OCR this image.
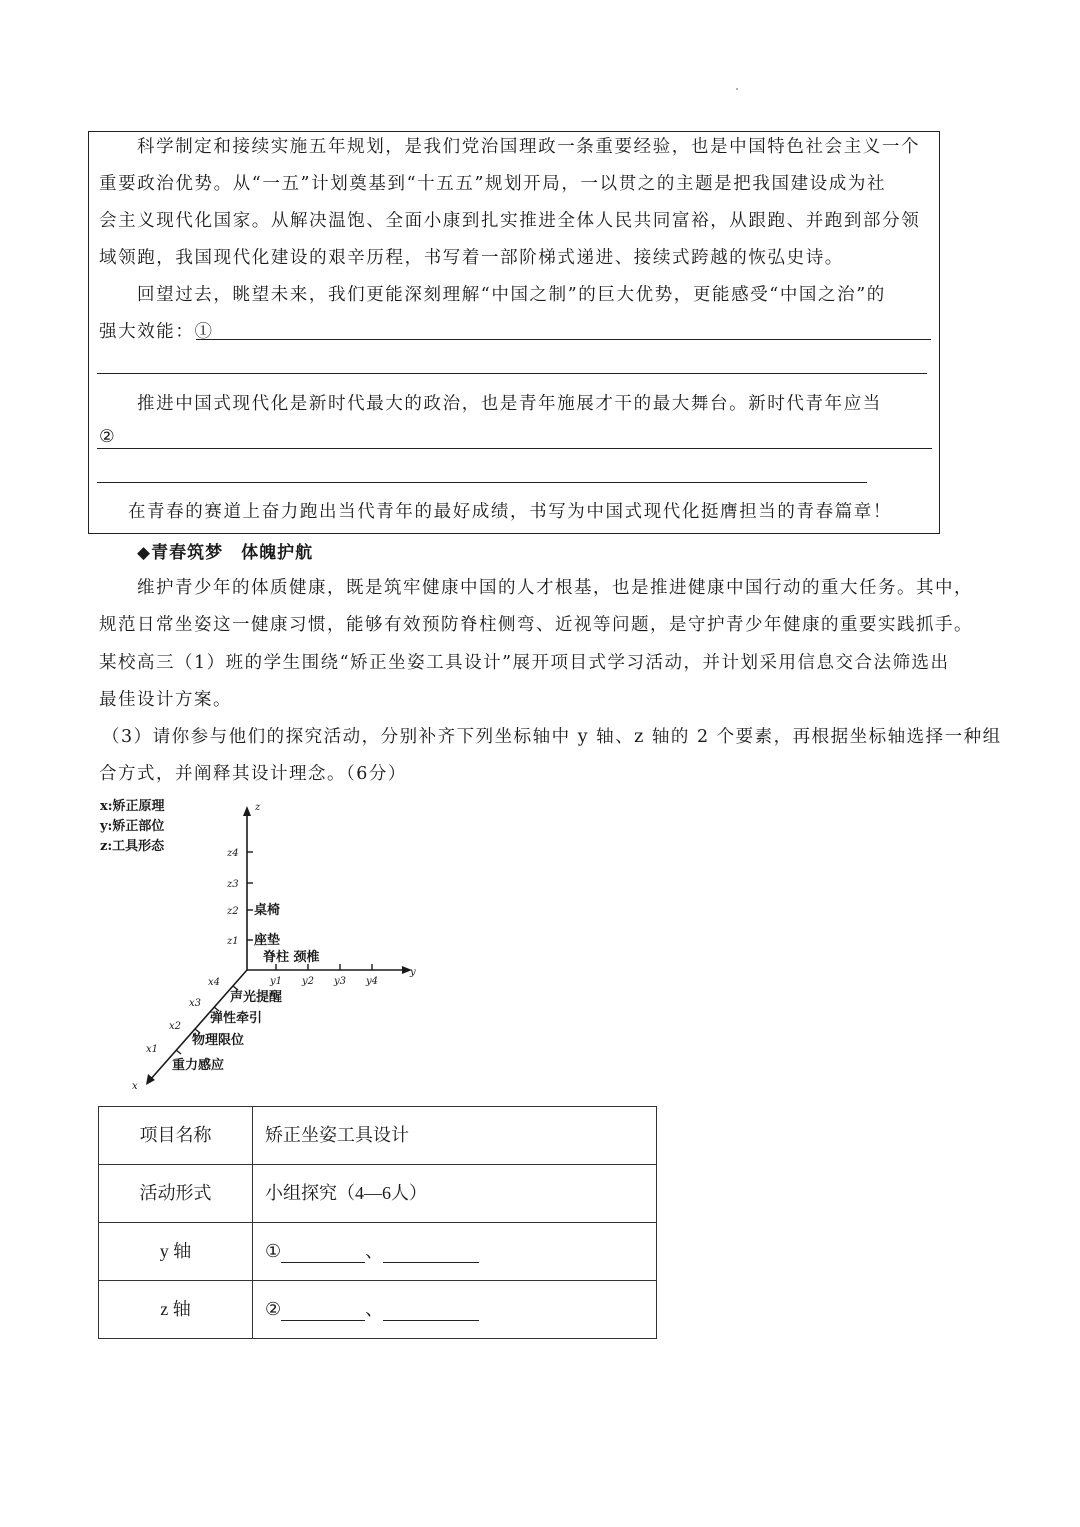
科学制定和接续实施五年规划，是我们党治国理政一条重要经验，也是中国特色社会主义一个
重要政治优势。从“一五”计划奠基到“十五五”规划开局，一以贯之的主题是把我国建设成为社
会主义现代化国家。从解决温饱、全面小康到扎实推进全体人民共同富裕，从跟跑、并跑到部分领
域领跑，我国现代化建设的艰辛历程，书写着一部阶梯式递进、接续式跨越的恢弘史诗。
回望过去，眺望未来，我们更能深刻理解“中国之制”的巨大优势，更能感受“中国之治”的
强大效能：①
推进中国式现代化是新时代最大的政治，也是青年施展才干的最大舞台。新时代青年应当
②
在青春的赛道上奋力跑出当代青年的最好成绩，书写为中国式现代化挺膺担当的青春篇章！
◆青春筑梦　体魄护航
维护青少年的体质健康，既是筑牢健康中国的人才根基，也是推进健康中国行动的重大任务。其中，
规范日常坐姿这一健康习惯，能够有效预防脊柱侧弯、近视等问题，是守护青少年健康的重要实践抓手。
某校高三（1）班的学生围绕“矫正坐姿工具设计”展开项目式学习活动，并计划采用信息交合法筛选出
最佳设计方案。
（3）请你参与他们的探究活动，分别补齐下列坐标轴中 y 轴、z 轴的 2 个要素，再根据坐标轴选择一种组
合方式，并阐释其设计理念。（6分）
x:矫正原理
y:矫正部位
z:工具形态
z
y
x
z4
z3
z2
z1
桌椅
座垫
脊柱 颈椎
y1 y2 y3 y4
x4
x3
x2
x1
声光提醒
弹性牵引
物理限位
重力感应
项目名称	矫正坐姿工具设计
活动形式	小组探究（4—6人）
y 轴	① 、
z 轴	② 、
